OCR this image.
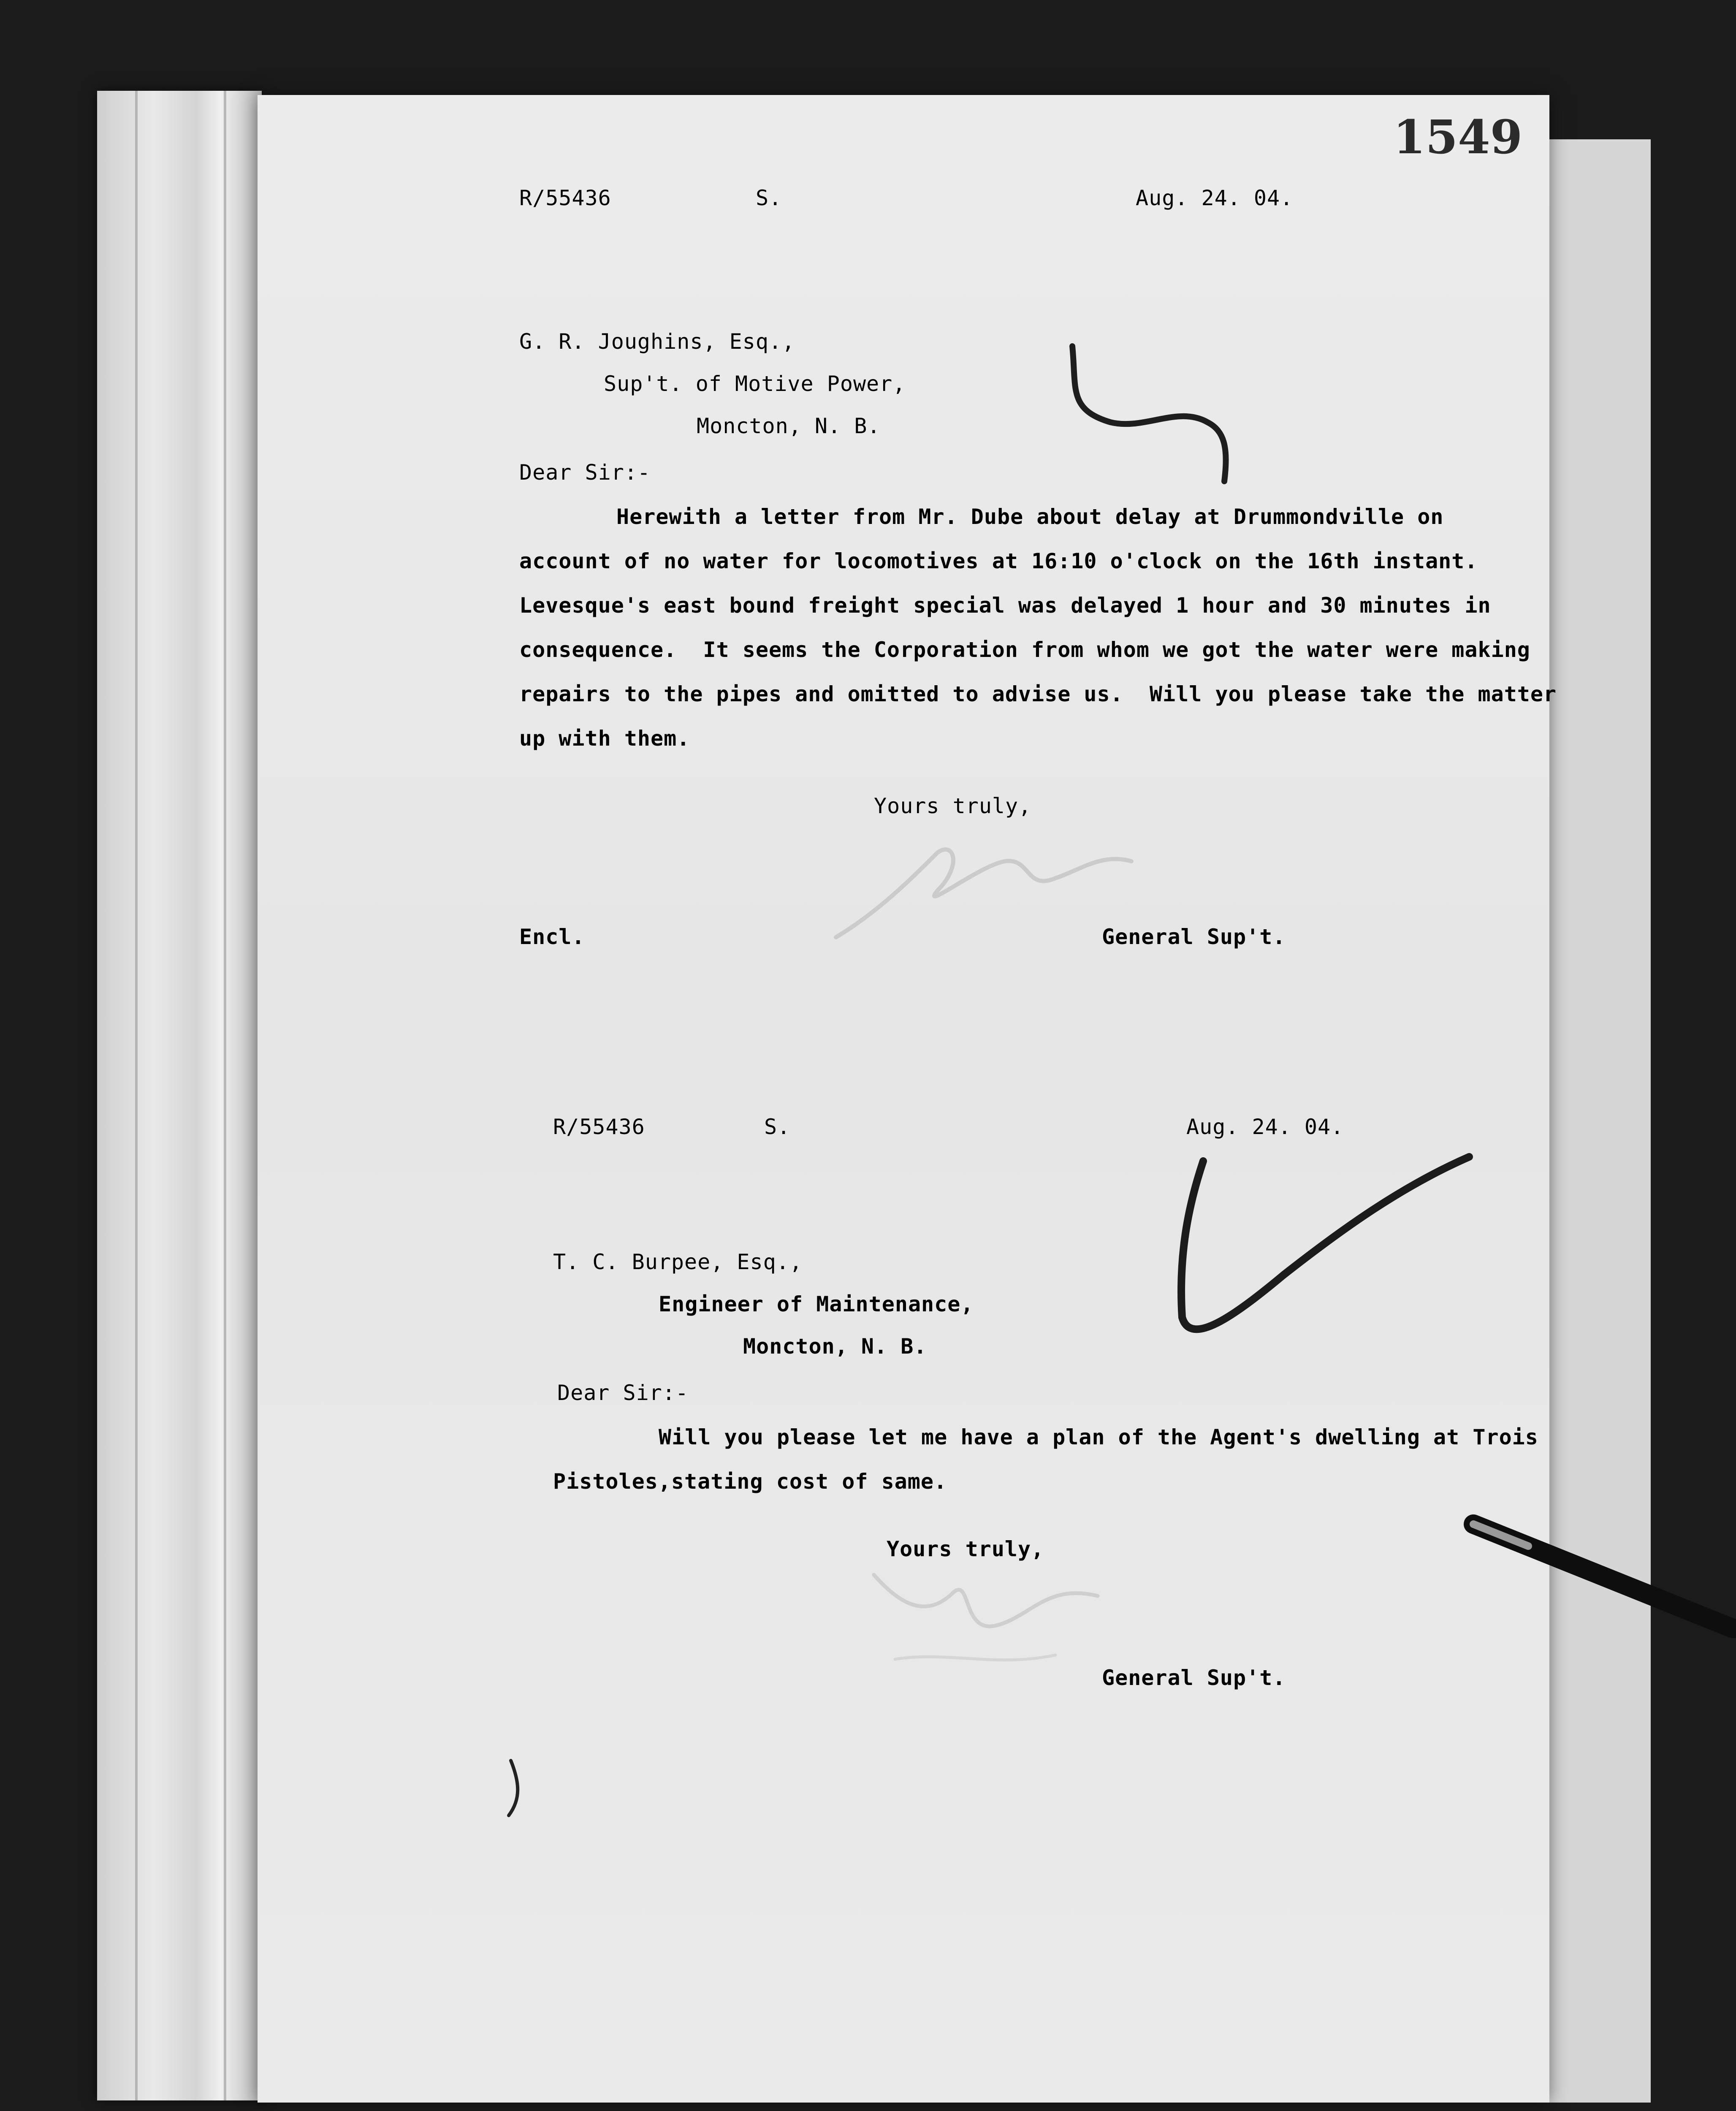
1549
R/55436	S.	Aug. 24. 04.
G. R. Joughins, Esq.,
Sup't. of Motive Power,
Moncton, N. B.
Dear Sir:-
Herewith a letter from Mr. Dube about delay at Drummondville on
account of no water for locomotives at 16:10 o'clock on the 16th instant.
Levesque's east bound freight special was delayed 1 hour and 30 minutes in
consequence.  It seems the Corporation from whom we got the water were making
repairs to the pipes and omitted to advise us.  Will you please take the matter
up with them.
Yours truly,
Encl.	General Sup't.
R/55436	S.	Aug. 24. 04.
T. C. Burpee, Esq.,
Engineer of Maintenance,
Moncton, N. B.
Dear Sir:-
Will you please let me have a plan of the Agent's dwelling at Trois
Pistoles,stating cost of same.
Yours truly,
General Sup't.
